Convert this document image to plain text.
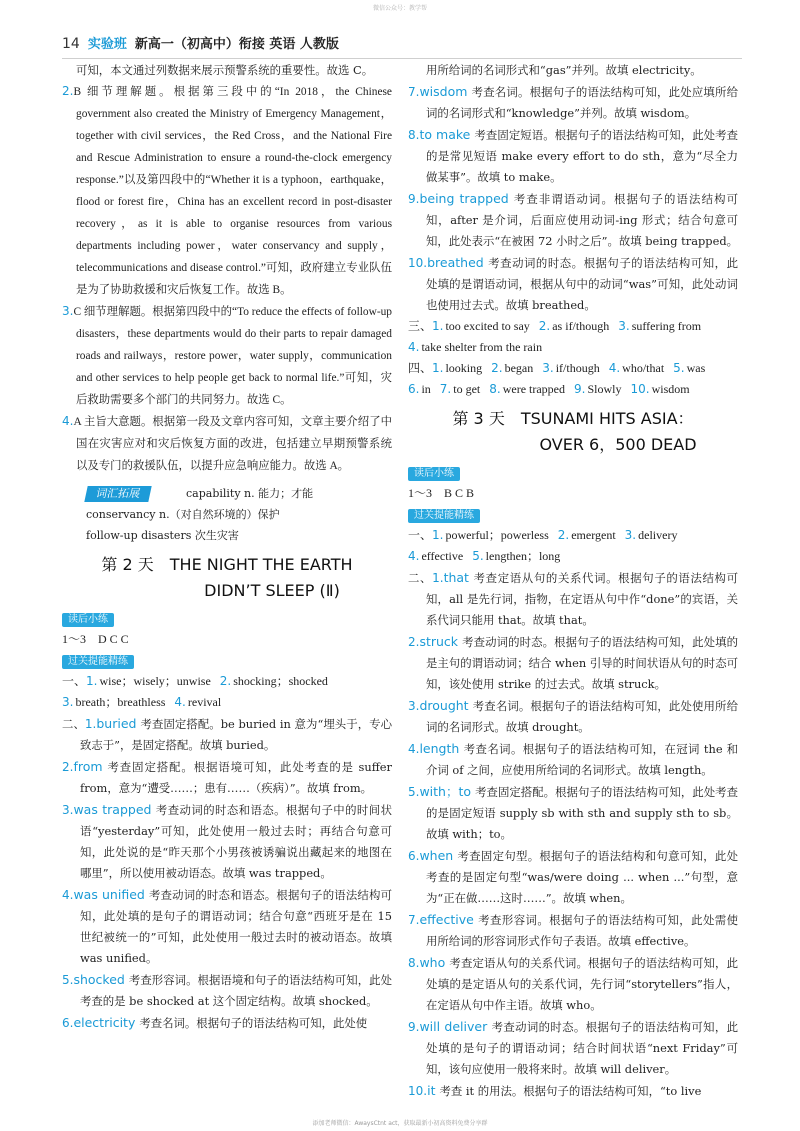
微信公众号：教学帮
14 实验班 新高一（初高中）衔接 英语 人教版

可知，本文通过列数据来展示预警系统的重要性。故选 C。

2.B 细节理解题。根据第三段中的“In 2018，the Chinese government also created the Ministry of Emergency Management，together with civil services，the Red Cross，and the National Fire and Rescue Administration to ensure a round-the-clock emergency response.”以及第四段中的“Whether it is a typhoon，earthquake，flood or forest fire，China has an excellent record in post-disaster recovery，as it is able to organise resources from various departments including power，water conservancy and supply，telecommunications and disease control.”可知，政府建立专业队伍是为了协助救援和灾后恢复工作。故选 B。

3.C 细节理解题。根据第四段中的“To reduce the effects of follow-up disasters，these departments would do their parts to repair damaged roads and railways，restore power，water supply，communication and other services to help people get back to normal life.”可知，灾后救助需要多个部门的共同努力。故选 C。

4.A 主旨大意题。根据第一段及文章内容可知，文章主要介绍了中国在灾害应对和灾后恢复方面的改进，包括建立早期预警系统以及专门的救援队伍，以提升应急响应能力。故选 A。

词汇拓展	capability n. 能力；才能
conservancy n.（对自然环境的）保护
follow-up disasters 次生灾害
第 2 天　THE NIGHT THE EARTH
DIDN’T SLEEP (Ⅱ)
读后小练

1～3　D C C

过关提能精练

一、1. wise；wisely；unwise 2. shocking；shocked

3. breath；breathless 4. revival

二、1.buried 考查固定搭配。be buried in 意为“埋头于，专心致志于”，是固定搭配。故填 buried。

2.from 考查固定搭配。根据语境可知，此处考查的是 suffer from，意为“遭受……；患有……（疾病）”。故填 from。

3.was trapped 考查动词的时态和语态。根据句子中的时间状语“yesterday”可知，此处使用一般过去时；再结合句意可知，此处说的是“昨天那个小男孩被诱骗说出藏起来的地图在哪里”，所以使用被动语态。故填 was trapped。

4.was unified 考查动词的时态和语态。根据句子的语法结构可知，此处填的是句子的谓语动词；结合句意“西班牙是在 15 世纪被统一的”可知，此处使用一般过去时的被动语态。故填 was unified。

5.shocked 考查形容词。根据语境和句子的语法结构可知，此处考查的是 be shocked at 这个固定结构。故填 shocked。

6.electricity 考查名词。根据句子的语法结构可知，此处使

用所给词的名词形式和“gas”并列。故填 electricity。

7.wisdom 考查名词。根据句子的语法结构可知，此处应填所给词的名词形式和“knowledge”并列。故填 wisdom。

8.to make 考查固定短语。根据句子的语法结构可知，此处考查的是常见短语 make every effort to do sth，意为“尽全力做某事”。故填 to make。

9.being trapped 考查非谓语动词。根据句子的语法结构可知，after 是介词，后面应使用动词-ing 形式；结合句意可知，此处表示“在被困 72 小时之后”。故填 being trapped。

10.breathed 考查动词的时态。根据句子的语法结构可知，此处填的是谓语动词，根据从句中的动词“was”可知，此处动词也使用过去式。故填 breathed。

三、1. too excited to say 2. as if/though 3. suffering from

4. take shelter from the rain

四、1. looking 2. began 3. if/though 4. who/that 5. was

6. in 7. to get 8. were trapped 9. Slowly 10. wisdom

第 3 天　TSUNAMI HITS ASIA：
OVER 6，500 DEAD
读后小练

1～3　B C B

过关提能精练

一、1. powerful；powerless 2. emergent 3. delivery

4. effective 5. lengthen；long

二、1.that 考查定语从句的关系代词。根据句子的语法结构可知，all 是先行词，指物，在定语从句中作“done”的宾语，关系代词只能用 that。故填 that。

2.struck 考查动词的时态。根据句子的语法结构可知，此处填的是主句的谓语动词；结合 when 引导的时间状语从句的时态可知，该处使用 strike 的过去式。故填 struck。

3.drought 考查名词。根据句子的语法结构可知，此处使用所给词的名词形式。故填 drought。

4.length 考查名词。根据句子的语法结构可知，在冠词 the 和介词 of 之间，应使用所给词的名词形式。故填 length。

5.with；to 考查固定搭配。根据句子的语法结构可知，此处考查的是固定短语 supply sb with sth and supply sth to sb。故填 with；to。

6.when 考查固定句型。根据句子的语法结构和句意可知，此处考查的是固定句型“was/were doing ... when ...”句型，意为“正在做……这时……”。故填 when。

7.effective 考查形容词。根据句子的语法结构可知，此处需使用所给词的形容词形式作句子表语。故填 effective。

8.who 考查定语从句的关系代词。根据句子的语法结构可知，此处填的是定语从句的关系代词，先行词“storytellers”指人，在定语从句中作主语。故填 who。

9.will deliver 考查动词的时态。根据句子的语法结构可知，此处填的是句子的谓语动词；结合时间状语“next Friday”可知，该句应使用一般将来时。故填 will deliver。

10.it 考查 it 的用法。根据句子的语法结构可知，“to live

添加老师微信：AwaysCtnt act，获取最新小初高资料免费分享群
